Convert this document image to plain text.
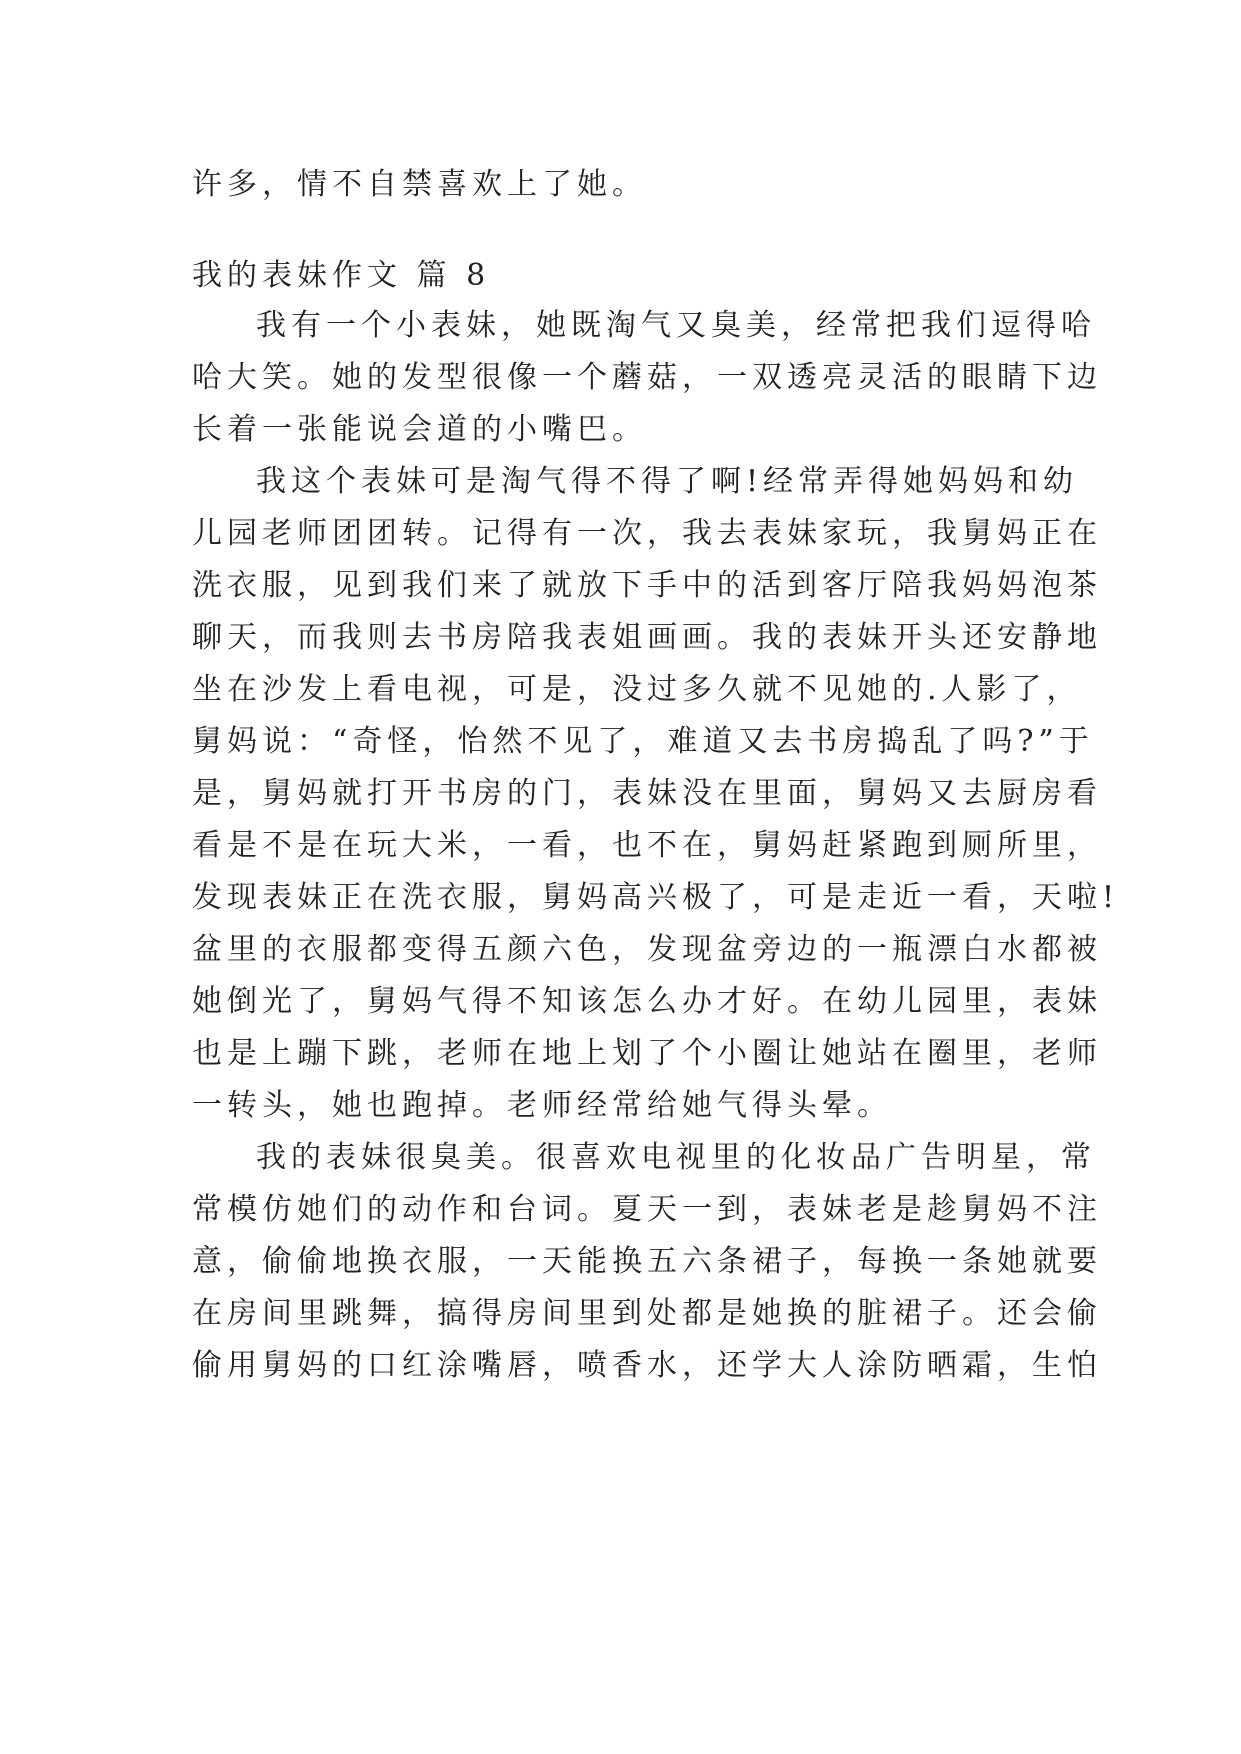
许多，情不自禁喜欢上了她。
我的表妹作文 篇 8
我有一个小表妹，她既淘气又臭美，经常把我们逗得哈
哈大笑。她的发型很像一个蘑菇，一双透亮灵活的眼睛下边
长着一张能说会道的小嘴巴。
我这个表妹可是淘气得不得了啊!经常弄得她妈妈和幼
儿园老师团团转。记得有一次，我去表妹家玩，我舅妈正在
洗衣服，见到我们来了就放下手中的活到客厅陪我妈妈泡茶
聊天，而我则去书房陪我表姐画画。我的表妹开头还安静地
坐在沙发上看电视，可是，没过多久就不见她的.人影了，
舅妈说：“奇怪，怡然不见了，难道又去书房捣乱了吗?”于
是，舅妈就打开书房的门，表妹没在里面，舅妈又去厨房看
看是不是在玩大米，一看，也不在，舅妈赶紧跑到厕所里，
发现表妹正在洗衣服，舅妈高兴极了，可是走近一看，天啦!
盆里的衣服都变得五颜六色，发现盆旁边的一瓶漂白水都被
她倒光了，舅妈气得不知该怎么办才好。在幼儿园里，表妹
也是上蹦下跳，老师在地上划了个小圈让她站在圈里，老师
一转头，她也跑掉。老师经常给她气得头晕。
我的表妹很臭美。很喜欢电视里的化妆品广告明星，常
常模仿她们的动作和台词。夏天一到，表妹老是趁舅妈不注
意，偷偷地换衣服，一天能换五六条裙子，每换一条她就要
在房间里跳舞，搞得房间里到处都是她换的脏裙子。还会偷
偷用舅妈的口红涂嘴唇，喷香水，还学大人涂防晒霜，生怕
